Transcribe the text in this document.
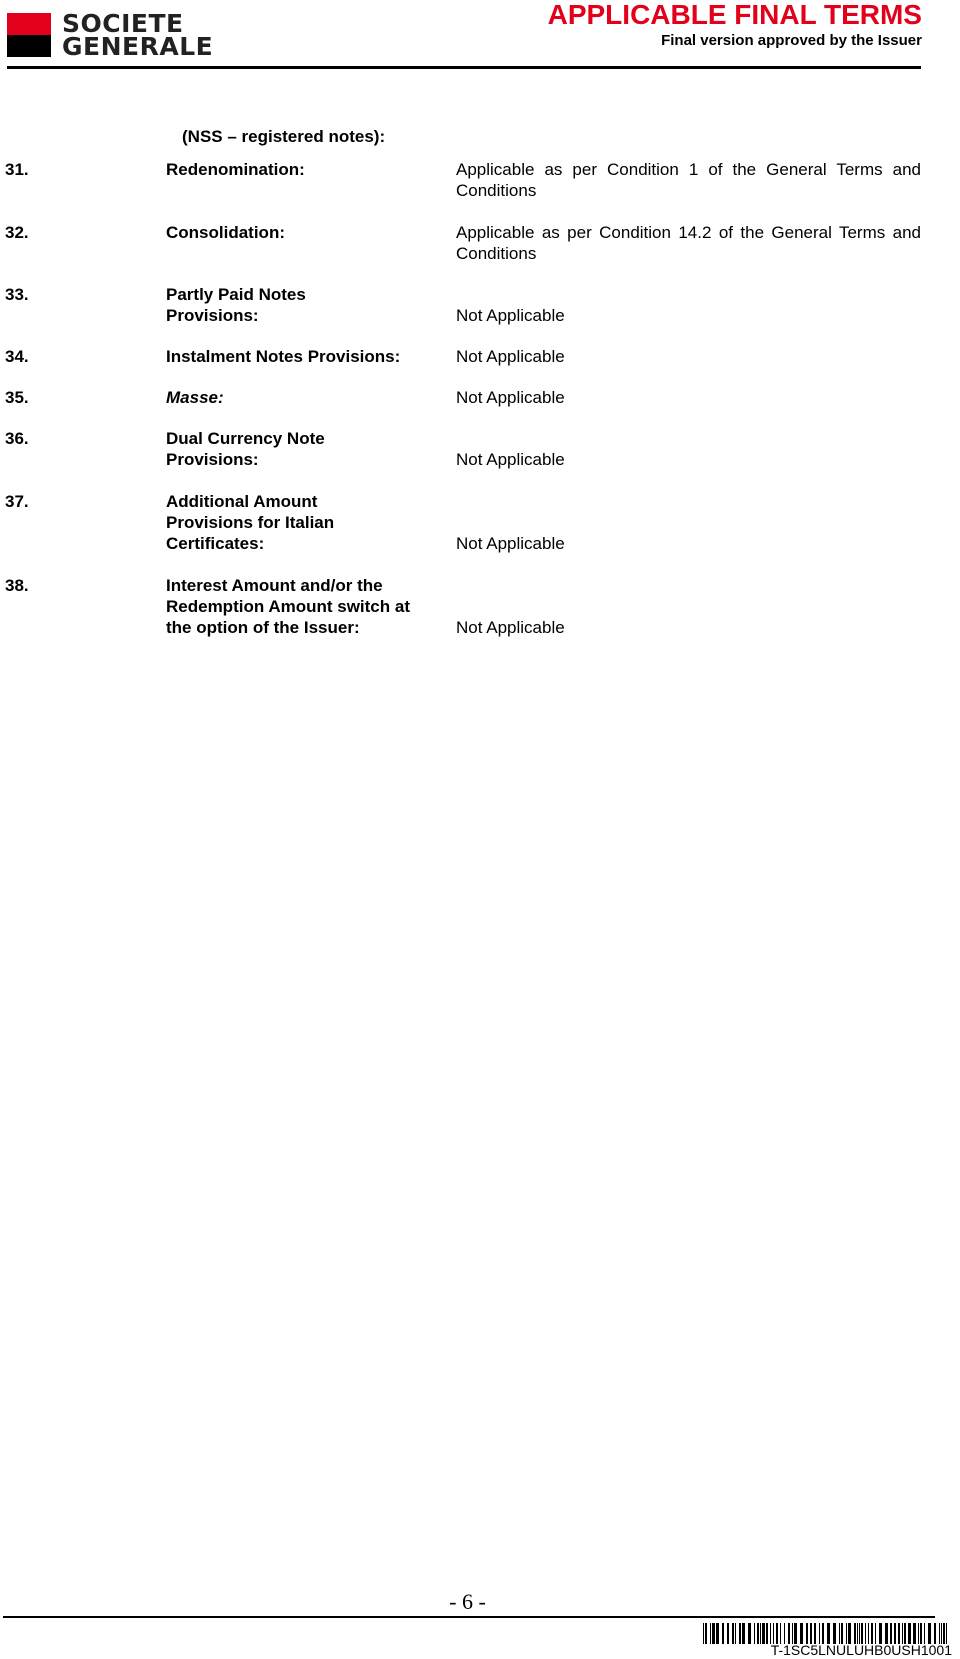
SOCIETE
GENERALE
APPLICABLE FINAL TERMS
Final version approved by the Issuer
(NSS – registered notes):
31.	Redenomination:	Applicable as per Condition 1 of the General Terms and Conditions
32.	Consolidation:	Applicable as per Condition 14.2 of the General Terms and Conditions
33.	Partly Paid Notes Provisions:	Not Applicable
34.	Instalment Notes Provisions:	Not Applicable
35.	Masse:	Not Applicable
36.	Dual Currency Note Provisions:	Not Applicable
37.	Additional Amount Provisions for Italian Certificates:	Not Applicable
38.	Interest Amount and/or the Redemption Amount switch at the option of the Issuer:	Not Applicable
- 6 -
T-1SC5LNULUHB0USH1001
